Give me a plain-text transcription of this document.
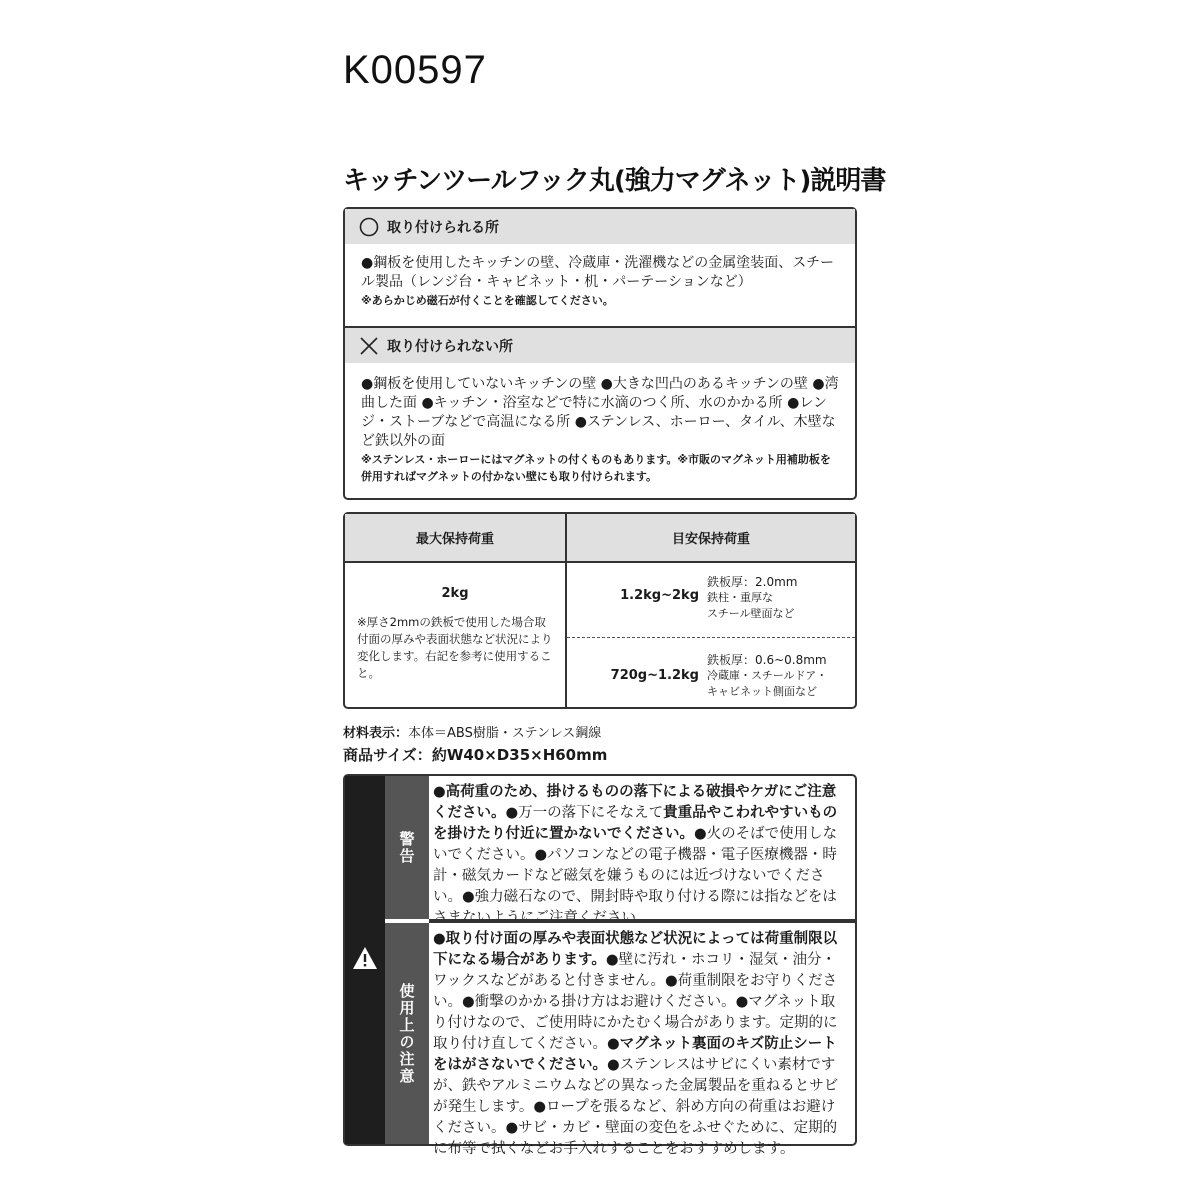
K00597
キッチンツールフック丸(強力マグネット)説明書
取り付けられる所
●鋼板を使用したキッチンの壁、冷蔵庫・洗濯機などの金属塗装面、スチール製品（レンジ台・キャビネット・机・パーテーションなど）
※あらかじめ磁石が付くことを確認してください。
取り付けられない所
●鋼板を使用していないキッチンの壁 ●大きな凹凸のあるキッチンの壁 ●湾曲した面 ●キッチン・浴室などで特に水滴のつく所、水のかかる所 ●レンジ・ストーブなどで高温になる所 ●ステンレス、ホーロー、タイル、木壁など鉄以外の面
※ステンレス・ホーローにはマグネットの付くものもあります。※市販のマグネット用補助板を併用すればマグネットの付かない壁にも取り付けられます。
最大保持荷重	目安保持荷重
2kg
※厚さ2mmの鉄板で使用した場合取付面の厚みや表面状態など状況により変化します。右記を参考に使用すること。
1.2kg~2kg
鉄板厚：2.0mm
鉄柱・重厚な
スチール壁面など
720g~1.2kg
鉄板厚：0.6~0.8mm
冷蔵庫・スチールドア・
キャビネット側面など
材料表示：本体＝ABS樹脂・ステンレス鋼線
商品サイズ：約W40×D35×H60mm
警告
使用上の注意
●高荷重のため、掛けるものの落下による破損やケガにご注意ください。●万一の落下にそなえて貴重品やこわれやすいものを掛けたり付近に置かないでください。●火のそばで使用しないでください。●パソコンなどの電子機器・電子医療機器・時計・磁気カードなど磁気を嫌うものには近づけないでください。●強力磁石なので、開封時や取り付ける際には指などをはさまないようにご注意ください。
●取り付け面の厚みや表面状態など状況によっては荷重制限以下になる場合があります。●壁に汚れ・ホコリ・湿気・油分・ワックスなどがあると付きません。●荷重制限をお守りください。●衝撃のかかる掛け方はお避けください。●マグネット取り付けなので、ご使用時にかたむく場合があります。定期的に取り付け直してください。●マグネット裏面のキズ防止シートをはがさないでください。●ステンレスはサビにくい素材ですが、鉄やアルミニウムなどの異なった金属製品を重ねるとサビが発生します。●ロープを張るなど、斜め方向の荷重はお避けください。●サビ・カビ・壁面の変色をふせぐために、定期的に布等で拭くなどお手入れすることをおすすめします。
